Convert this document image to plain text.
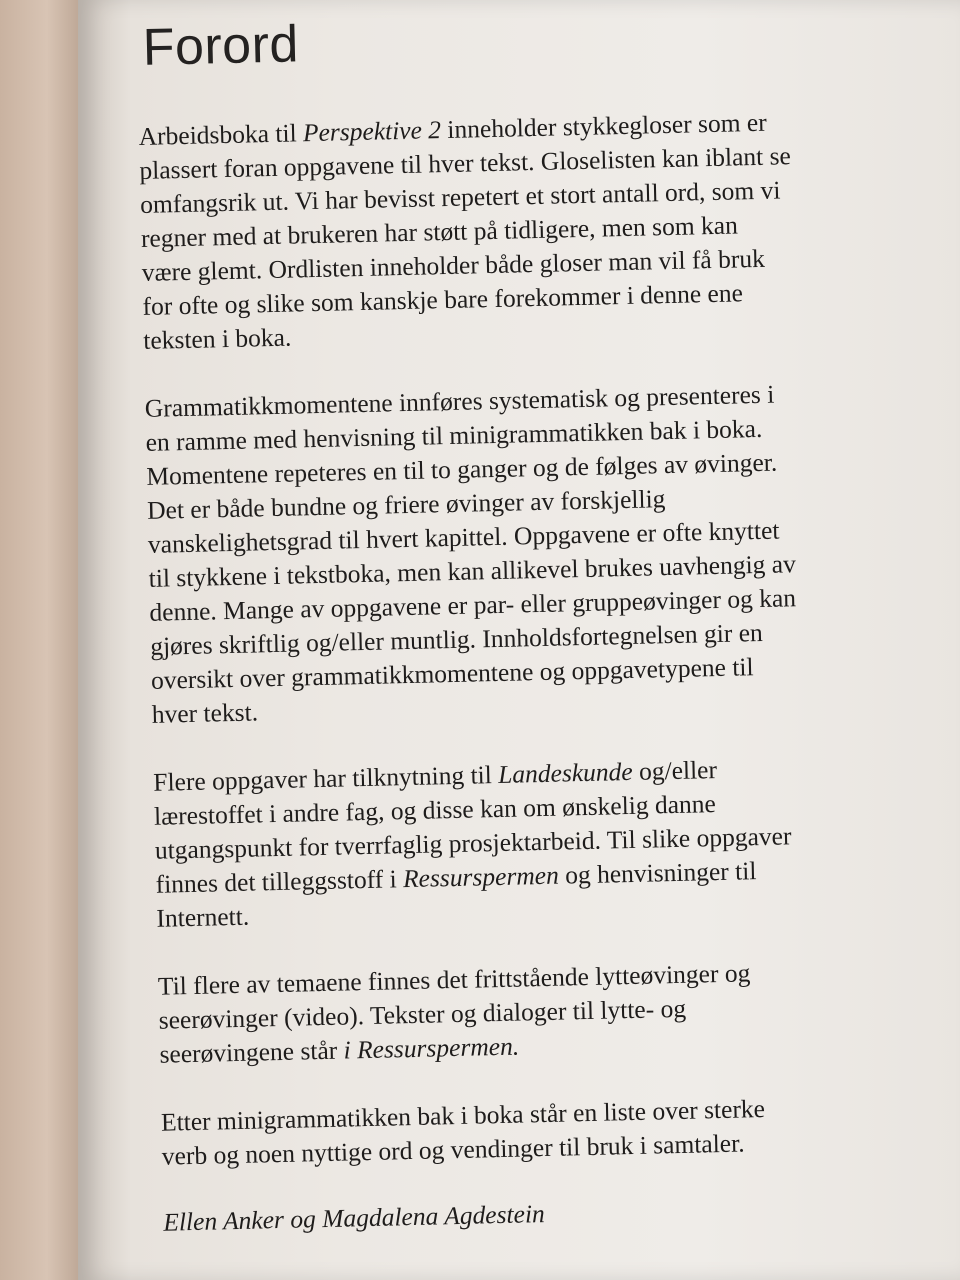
Forord

Arbeidsboka til Perspektive 2 inneholder stykkegloser som er
plassert foran oppgavene til hver tekst. Gloselisten kan iblant se
omfangsrik ut. Vi har bevisst repetert et stort antall ord, som vi
regner med at brukeren har støtt på tidligere, men som kan
være glemt. Ordlisten inneholder både gloser man vil få bruk
for ofte og slike som kanskje bare forekommer i denne ene
teksten i boka.

Grammatikkmomentene innføres systematisk og presenteres i
en ramme med henvisning til minigrammatikken bak i boka.
Momentene repeteres en til to ganger og de følges av øvinger.
Det er både bundne og friere øvinger av forskjellig
vanskelighetsgrad til hvert kapittel. Oppgavene er ofte knyttet
til stykkene i tekstboka, men kan allikevel brukes uavhengig av
denne. Mange av oppgavene er par- eller gruppeøvinger og kan
gjøres skriftlig og/eller muntlig. Innholdsfortegnelsen gir en
oversikt over grammatikkmomentene og oppgavetypene til
hver tekst.

Flere oppgaver har tilknytning til Landeskunde og/eller
lærestoffet i andre fag, og disse kan om ønskelig danne
utgangspunkt for tverrfaglig prosjektarbeid. Til slike oppgaver
finnes det tilleggsstoff i Ressurspermen og henvisninger til
Internett.

Til flere av temaene finnes det frittstående lytteøvinger og
seerøvinger (video). Tekster og dialoger til lytte- og
seerøvingene står i Ressurspermen.

Etter minigrammatikken bak i boka står en liste over sterke
verb og noen nyttige ord og vendinger til bruk i samtaler.

Ellen Anker og Magdalena Agdestein
